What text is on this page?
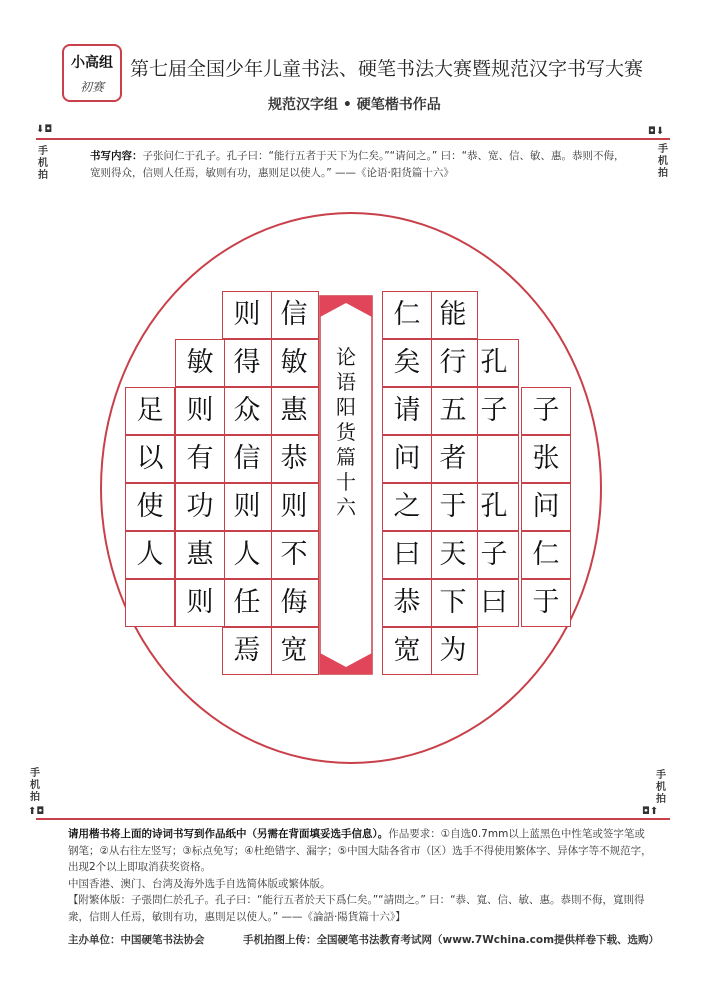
小高组
初赛
第七届全国少年儿童书法、硬笔书法大赛暨规范汉字书写大赛
规范汉字组 • 硬笔楷书作品
⬇◘	◘⬇
手机拍
手机拍
书写内容：子张问仁于孔子。孔子曰：“能行五者于天下为仁矣。”“请问之。” 曰：“恭、宽、信、敏、惠。恭则不侮，宽则得众，信则人任焉，敏则有功，惠则足以使人。” ——《论语·阳货篇十六》
子
张
问
仁
于
孔
子
孔
子
曰
能
行
五
者
于
天
下
为
仁
矣
请
问
之
曰
恭
宽
信
敏
惠
恭
则
不
侮
宽
则
得
众
信
则
人
任
焉
敏
则
有
功
惠
则
足
以
使
人
论语阳货篇十六
手机拍
手机拍
⬆◘	◘⬆
请用楷书将上面的诗词书写到作品纸中（另需在背面填妥选手信息）。作品要求：①自选0.7mm以上蓝黑色中性笔或签字笔或钢笔；②从右往左竖写；③标点免写；④杜绝错字、漏字；⑤中国大陆各省市（区）选手不得使用繁体字、异体字等不规范字，出现2个以上即取消获奖资格。
中国香港、澳门、台湾及海外选手自选简体版或繁体版。
【附繁体版：子張問仁於孔子。孔子曰：“能行五者於天下爲仁矣。”“請問之。” 曰：“恭、寬、信、敏、惠。恭則不侮，寬則得衆，信則人任焉，敏則有功，惠則足以使人。” ——《論語·陽貨篇十六》】
主办单位：中国硬笔书法协会	手机拍图上传：全国硬笔书法教育考试网（www.7Wchina.com提供样卷下载、选购）
